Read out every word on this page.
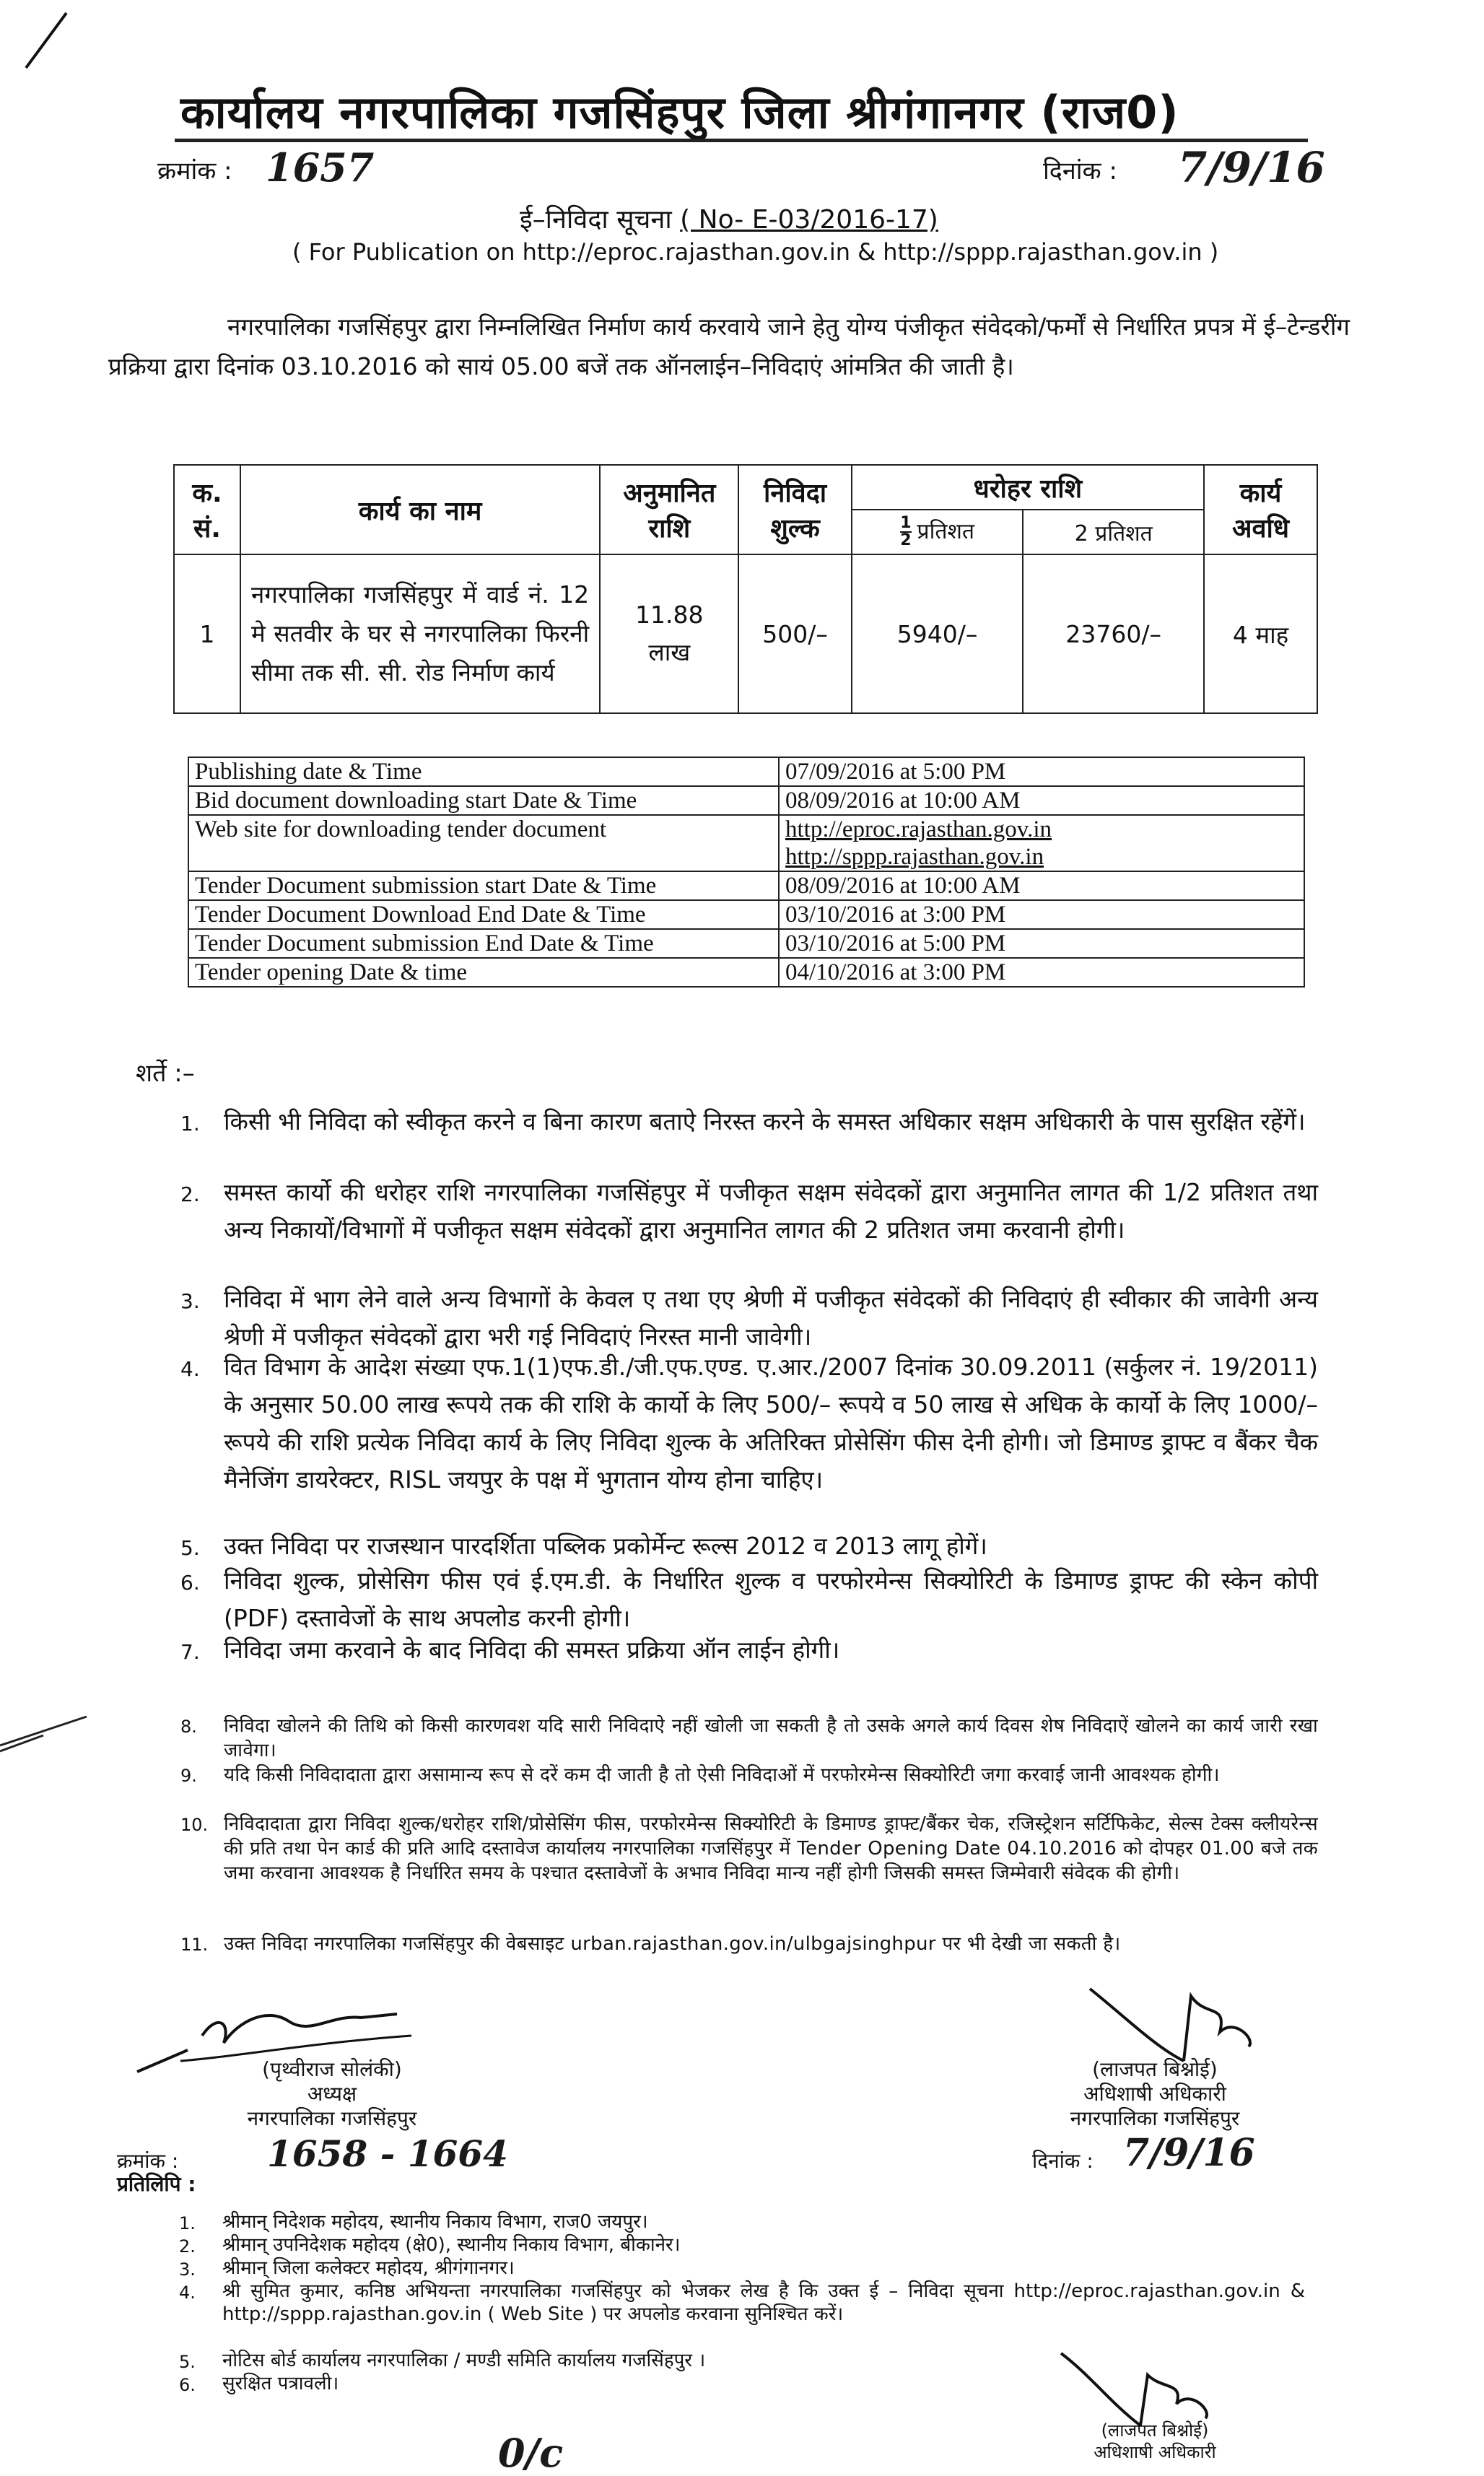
कार्यालय नगरपालिका गजसिंहपुर जिला श्रीगंगानगर (राज0)
क्रमांक : 1657	दिनांक : 7/9/16
ई–निविदा सूचना ( No- E-03/2016-17)
( For Publication on http://eproc.rajasthan.gov.in & http://sppp.rajasthan.gov.in )
नगरपालिका गजसिंहपुर द्वारा निम्नलिखित निर्माण कार्य करवाये जाने हेतु योग्य पंजीकृत संवेदको/फर्मों से निर्धारित प्रपत्र में ई–टेन्डरींग प्रक्रिया द्वारा दिनांक 03.10.2016 को सायं 05.00 बजें तक ऑनलाईन–निविदाएं आंमत्रित की जाती है।
क. सं.	कार्य का नाम	अनुमानित राशि	निविदा शुल्क	धरोहर राशि		कार्य अवधि
				$\frac{1}{2}$ प्रतिशत	2 प्रतिशत	
1	नगरपालिका गजसिंहपुर में वार्ड नं. 12 मे सतवीर के घर से नगरपालिका फिरनी सीमा तक सी. सी. रोड निर्माण कार्य	11.88 लाख	500/–	5940/–	23760/–	4 माह
Publishing date & Time	07/09/2016 at 5:00 PM
Bid document downloading start Date & Time	08/09/2016 at 10:00 AM
Web site for downloading tender document	http://eproc.rajasthan.gov.in
http://sppp.rajasthan.gov.in

Tender Document submission start Date & Time	08/09/2016 at 10:00 AM
Tender Document Download End Date & Time	03/10/2016 at 3:00 PM
Tender Document submission End Date & Time	03/10/2016 at 5:00 PM
Tender opening Date & time	04/10/2016 at 3:00 PM
शर्ते :–
1. किसी भी निविदा को स्वीकृत करने व बिना कारण बताऐ निरस्त करने के समस्त अधिकार सक्षम अधिकारी के पास सुरक्षित रहेंगें।
2. समस्त कार्यो की धरोहर राशि नगरपालिका गजसिंहपुर में पजीकृत सक्षम संवेदकों द्वारा अनुमानित लागत की 1/2 प्रतिशत तथा अन्य निकायों/विभागों में पजीकृत सक्षम संवेदकों द्वारा अनुमानित लागत की 2 प्रतिशत जमा करवानी होगी।
3. निविदा में भाग लेने वाले अन्य विभागों के केवल ए तथा एए श्रेणी में पजीकृत संवेदकों की निविदाएं ही स्वीकार की जावेगी अन्य श्रेणी में पजीकृत संवेदकों द्वारा भरी गई निविदाएं निरस्त मानी जावेगी।
4. वित विभाग के आदेश संख्या एफ.1(1)एफ.डी./जी.एफ.एण्ड. ए.आर./2007 दिनांक 30.09.2011 (सर्कुलर नं. 19/2011) के अनुसार 50.00 लाख रूपये तक की राशि के कार्यो के लिए 500/– रूपये व 50 लाख से अधिक के कार्यो के लिए 1000/– रूपये की राशि प्रत्येक निविदा कार्य के लिए निविदा शुल्क के अतिरिक्त प्रोसेसिंग फीस देनी होगी। जो डिमाण्ड ड्राफ्ट व बैंकर चैक मैनेजिंग डायरेक्टर, RISL जयपुर के पक्ष में भुगतान योग्य होना चाहिए।
5. उक्त निविदा पर राजस्थान पारदर्शिता पब्लिक प्रकोर्मेन्ट रूल्स 2012 व 2013 लागू होगें।
6. निविदा शुल्क, प्रोसेसिग फीस एवं ई.एम.डी. के निर्धारित शुल्क व परफोरमेन्स सिक्योरिटी के डिमाण्ड ड्राफ्ट की स्केन कोपी (PDF) दस्तावेजों के साथ अपलोड करनी होगी।
7. निविदा जमा करवाने के बाद निविदा की समस्त प्रक्रिया ऑन लाईन होगी।
8. निविदा खोलने की तिथि को किसी कारणवश यदि सारी निविदाऐ नहीं खोली जा सकती है तो उसके अगले कार्य दिवस शेष निविदाऐं खोलने का कार्य जारी रखा जावेगा।
9. यदि किसी निविदादाता द्वारा असामान्य रूप से दरें कम दी जाती है तो ऐसी निविदाओं में परफोरमेन्स सिक्योरिटी जगा करवाई जानी आवश्यक होगी।
10. निविदादाता द्वारा निविदा शुल्क/धरोहर राशि/प्रोसेसिंग फीस, परफोरमेन्स सिक्योरिटी के डिमाण्ड ड्राफ्ट/बैंकर चेक, रजिस्ट्रेशन सर्टिफिकेट, सेल्स टेक्स क्लीयरेन्स की प्रति तथा पेन कार्ड की प्रति आदि दस्तावेज कार्यालय नगरपालिका गजसिंहपुर में Tender Opening Date 04.10.2016 को दोपहर 01.00 बजे तक जमा करवाना आवश्यक है निर्धारित समय के पश्चात दस्तावेजों के अभाव निविदा मान्य नहीं होगी जिसकी समस्त जिम्मेवारी संवेदक की होगी।
11. उक्त निविदा नगरपालिका गजसिंहपुर की वेबसाइट urban.rajasthan.gov.in/ulbgajsinghpur पर भी देखी जा सकती है।
(पृथ्वीराज सोलंकी)
अध्यक्ष
नगरपालिका गजसिंहपुर
(लाजपत बिश्नोई)
अधिशाषी अधिकारी
नगरपालिका गजसिंहपुर
क्रमांक : 1658 - 1664	दिनांक : 7/9/16
प्रतिलिपि :
1. श्रीमान् निदेशक महोदय, स्थानीय निकाय विभाग, राज0 जयपुर।
2. श्रीमान् उपनिदेशक महोदय (क्षे0), स्थानीय निकाय विभाग, बीकानेर।
3. श्रीमान् जिला कलेक्टर महोदय, श्रीगंगानगर।
4. श्री सुमित कुमार, कनिष्ठ अभियन्ता नगरपालिका गजसिंहपुर को भेजकर लेख है कि उक्त ई – निविदा सूचना http://eproc.rajasthan.gov.in & http://sppp.rajasthan.gov.in ( Web Site ) पर अपलोड करवाना सुनिश्चित करें।
5. नोटिस बोर्ड कार्यालय नगरपालिका / मण्डी समिति कार्यालय गजसिंहपुर ।
6. सुरक्षित पत्रावली।
(लाजपत बिश्नोई)
अधिशाषी अधिकारी
0/c
